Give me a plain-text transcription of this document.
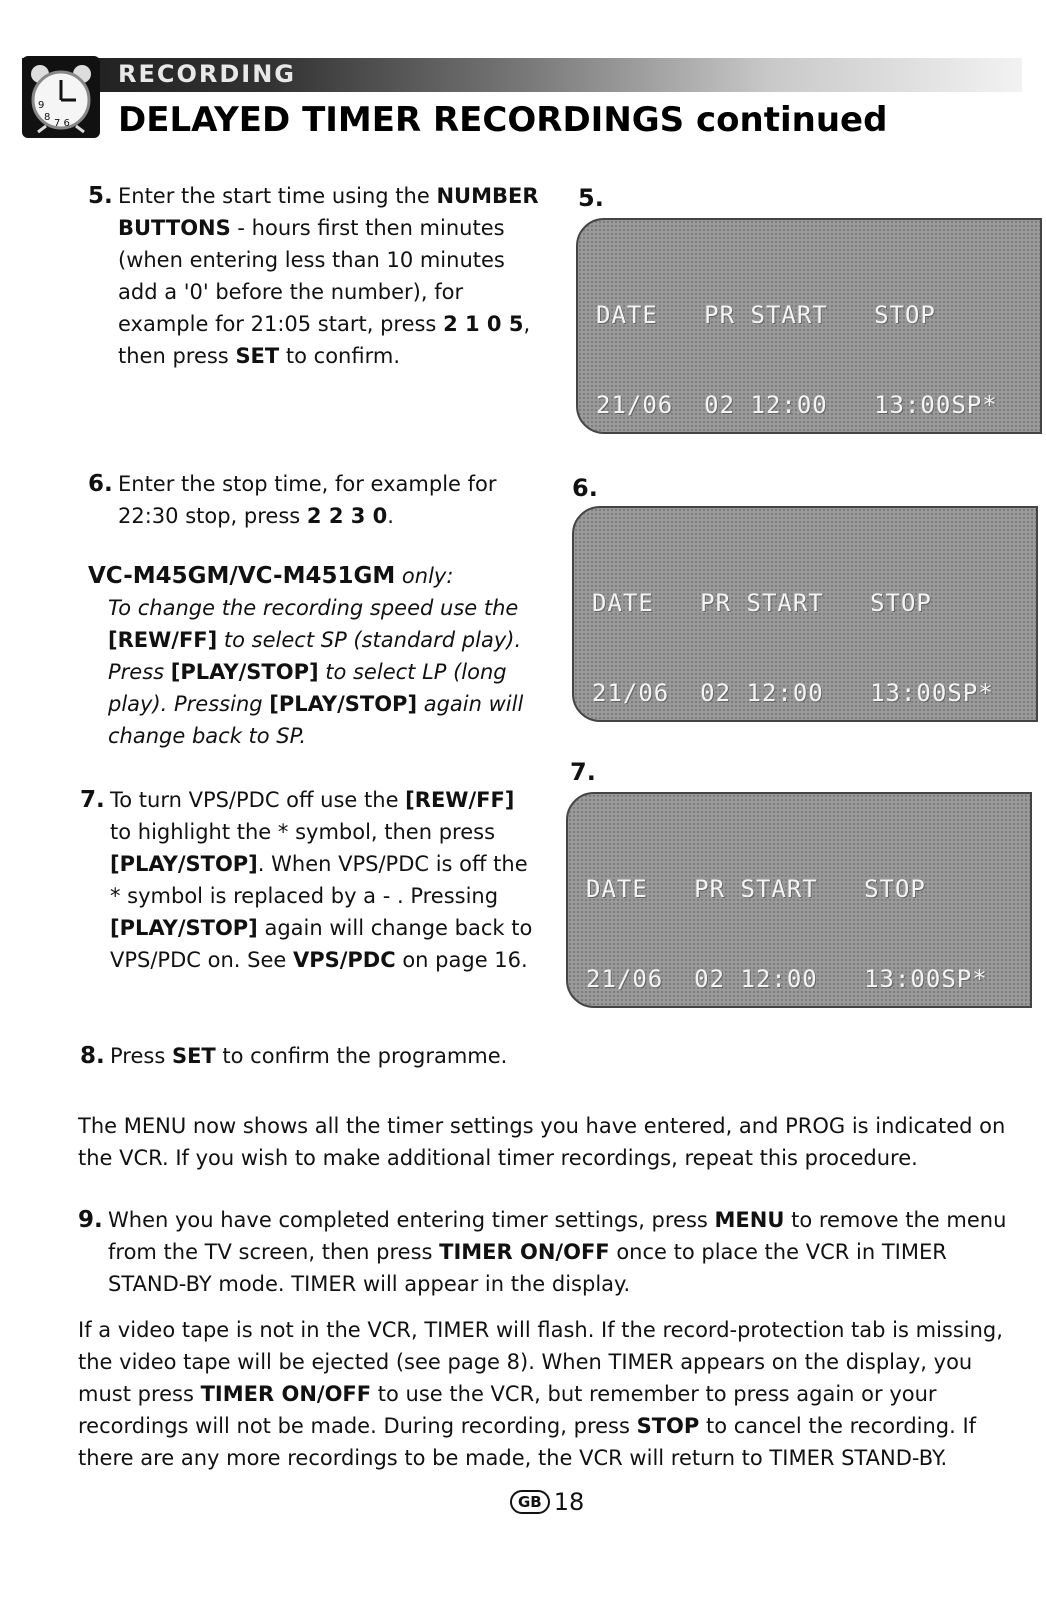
9
8
7 6
RECORDING
DELAYED TIMER RECORDINGS continued
5. Enter the start time using the NUMBER BUTTONS - hours first then minutes (when entering less than 10 minutes add a '0' before the number), for example for 21:05 start, press 2 1 0 5, then press SET to confirm.
6. Enter the stop time, for example for 22:30 stop, press 2 2 3 0.
VC-M45GM/VC-M451GM only:
To change the recording speed use the [REW/FF] to select SP (standard play). Press [PLAY/STOP] to select LP (long play). Pressing [PLAY/STOP] again will change back to SP.
7. To turn VPS/PDC off use the [REW/FF] to highlight the * symbol, then press [PLAY/STOP]. When VPS/PDC is off the * symbol is replaced by a - . Pressing [PLAY/STOP] again will change back to VPS/PDC on. See VPS/PDC on page 16.
8. Press SET to confirm the programme.
The MENU now shows all the timer settings you have entered, and PROG is indicated on the VCR. If you wish to make additional timer recordings, repeat this procedure.
9. When you have completed entering timer settings, press MENU to remove the menu from the TV screen, then press TIMER ON/OFF once to place the VCR in TIMER STAND-BY mode. TIMER will appear in the display.
If a video tape is not in the VCR, TIMER will flash. If the record-protection tab is missing, the video tape will be ejected (see page 8). When TIMER appears on the display, you must press TIMER ON/OFF to use the VCR, but remember to press again or your recordings will not be made. During recording, press STOP to cancel the recording. If there are any more recordings to be made, the VCR will return to TIMER STAND-BY.
5.

DATE   PR START   STOP

21/06  02 12:00   13:00SP*

6.

DATE   PR START   STOP

21/06  02 12:00   13:00SP*

7.

DATE   PR START   STOP

21/06  02 12:00   13:00SP*

GB 18
